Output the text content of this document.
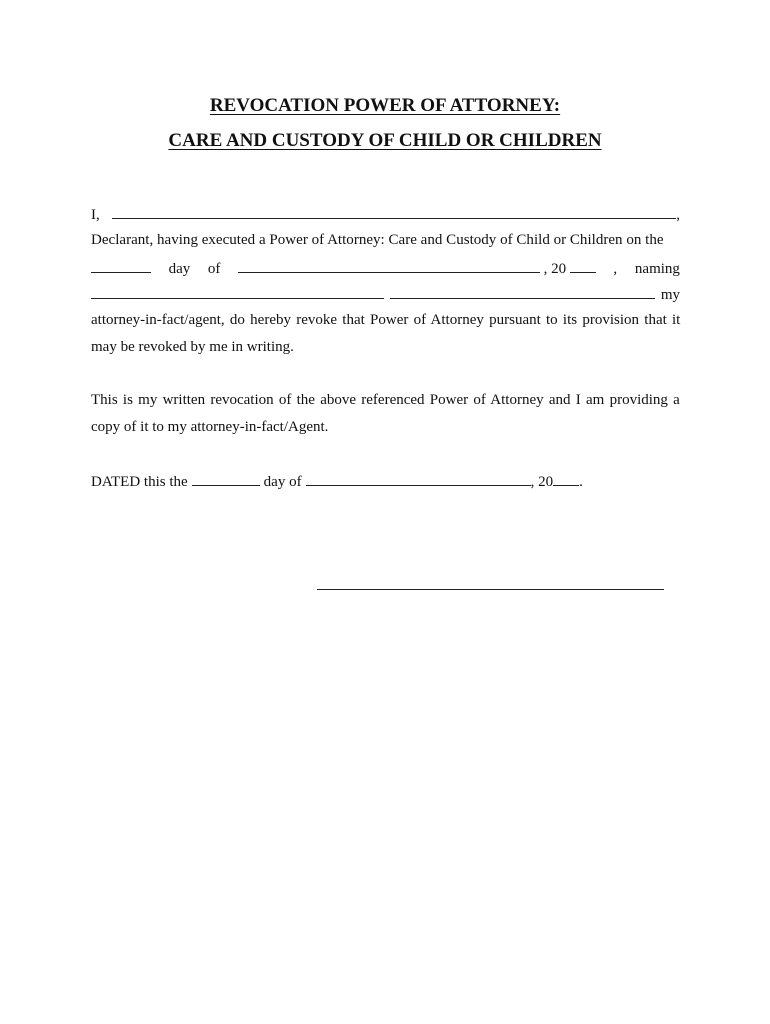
REVOCATION POWER OF ATTORNEY:
CARE AND CUSTODY OF CHILD OR CHILDREN
I,	,
Declarant, having executed a Power of Attorney: Care and Custody of Child or Children on the
day of	, 20	, naming
my
attorney-in-fact/agent, do hereby revoke that Power of Attorney pursuant to its provision that it
may be revoked by me in writing.
This is my written revocation of the above referenced Power of Attorney and I am providing a
copy of it to my attorney-in-fact/Agent.
DATED this the	day of	, 20 .
